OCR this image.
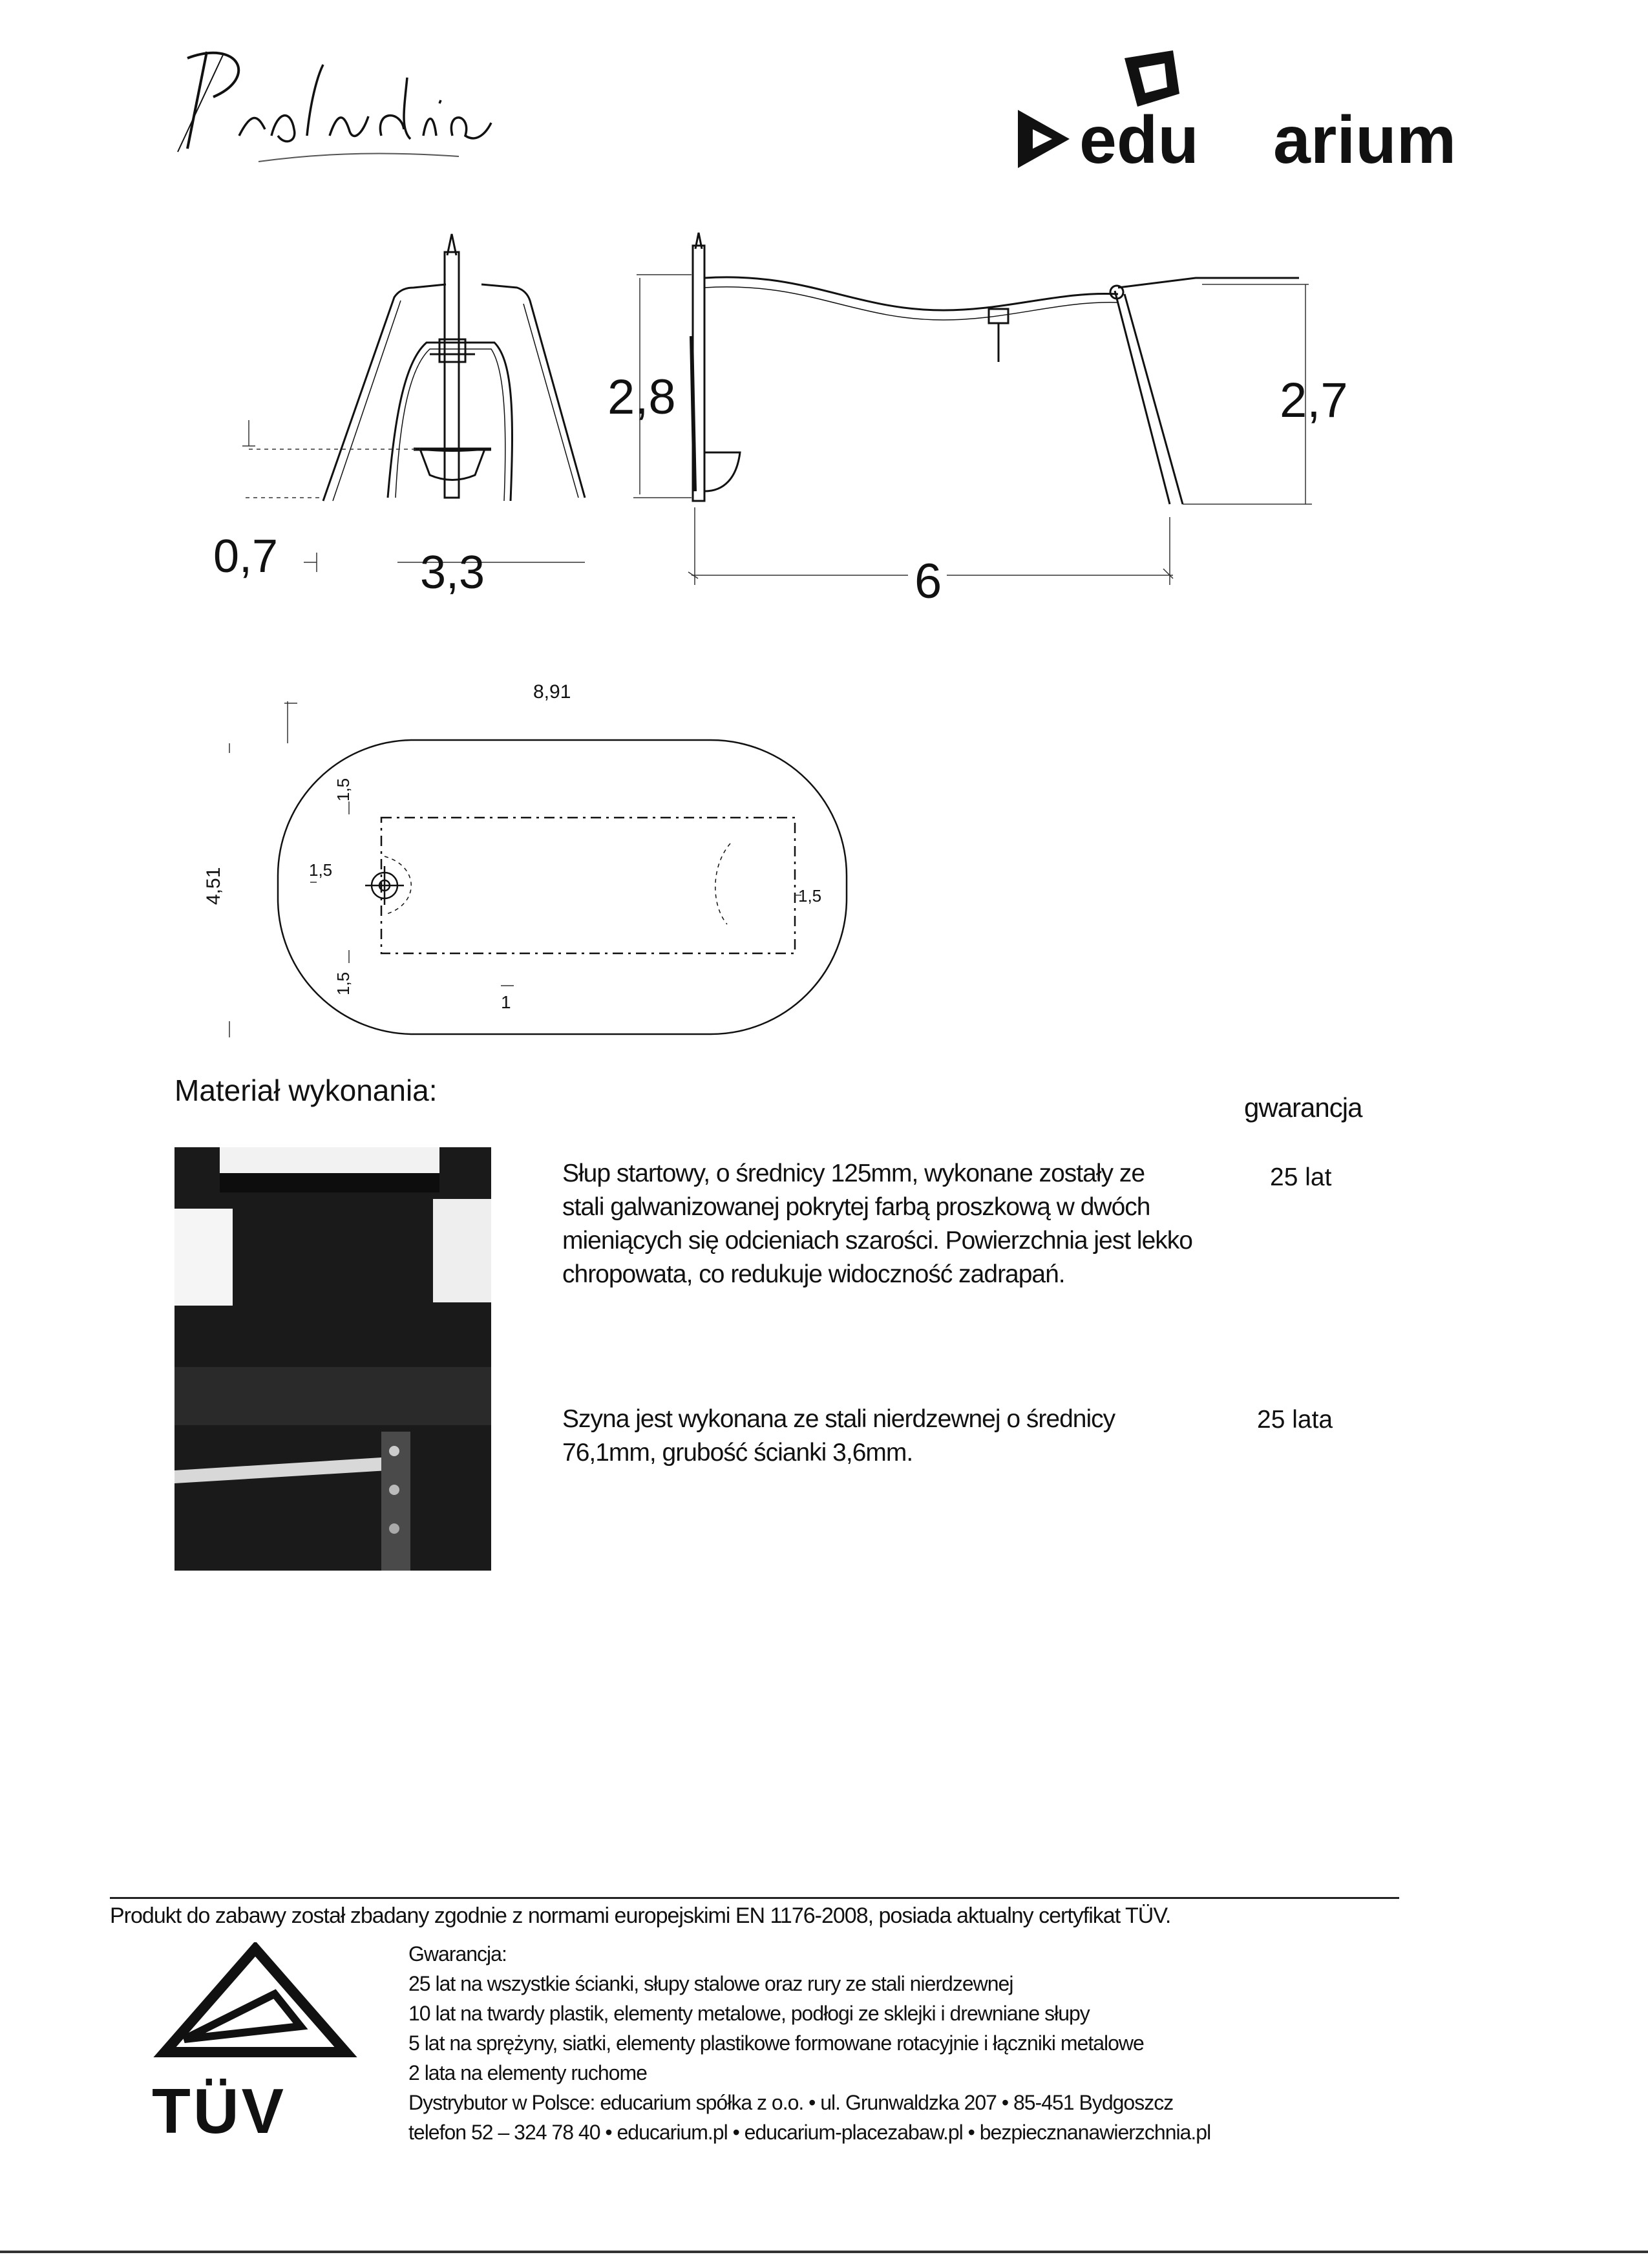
edu arium
0,7	3,3
2,8	2,7
6
8,91
4,51
1,5
1,5
1,5
1,5
1
Materiał wykonania:
gwarancja
Słup startowy, o średnicy 125mm, wykonane zostały ze
stali galwanizowanej pokrytej farbą proszkową w dwóch
mieniących się odcieniach szarości. Powierzchnia jest lekko
chropowata, co redukuje widoczność zadrapań.
25 lat
Szyna jest wykonana ze stali nierdzewnej o średnicy
76,1mm, grubość ścianki 3,6mm.
25 lata
Produkt do zabawy został zbadany zgodnie z normami europejskimi EN 1176-2008, posiada aktualny certyfikat TÜV.
TÜV
Gwarancja:
25 lat na wszystkie ścianki, słupy stalowe oraz rury ze stali nierdzewnej
10 lat na twardy plastik, elementy metalowe, podłogi ze sklejki i drewniane słupy
5 lat na sprężyny, siatki, elementy plastikowe formowane rotacyjnie i łączniki metalowe
2 lata na elementy ruchome
Dystrybutor w Polsce: educarium spółka z o.o. • ul. Grunwaldzka 207 • 85-451 Bydgoszcz
telefon 52 – 324 78 40 • educarium.pl • educarium-placezabaw.pl • bezpiecznanawierzchnia.pl
